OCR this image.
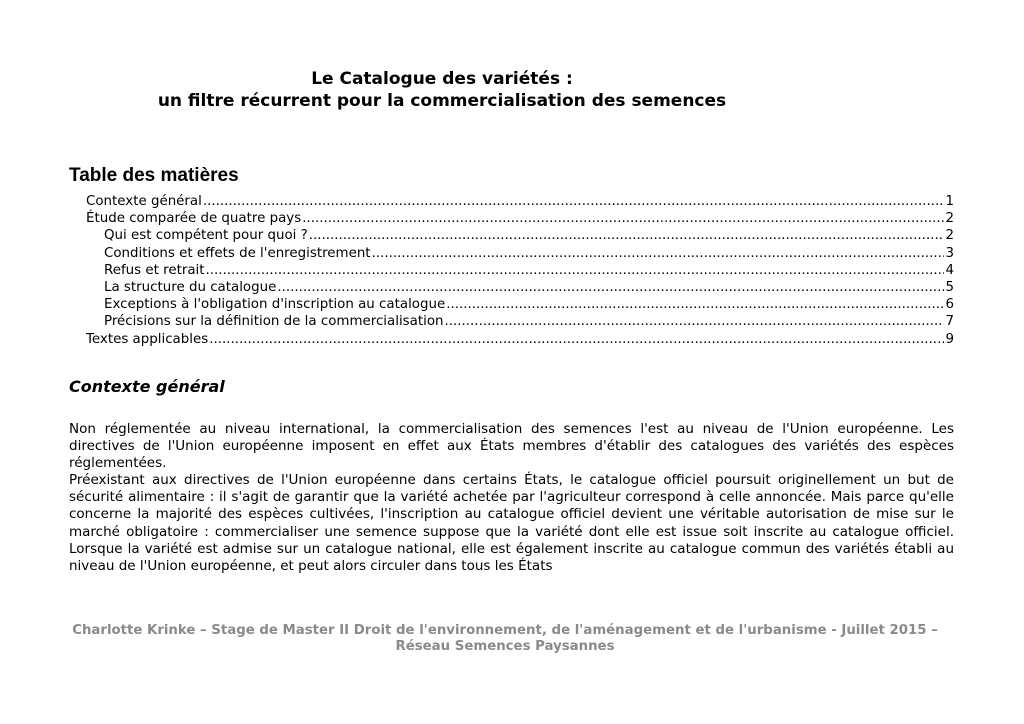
Le Catalogue des variétés :
un filtre récurrent pour la commercialisation des semences
Table des matières
Contexte général .....	1
Étude comparée de quatre pays .....	2
Qui est compétent pour quoi ? .....	2
Conditions et effets de l'enregistrement .....	3
Refus et retrait .....	4
La structure du catalogue .....	5
Exceptions à l'obligation d'inscription au catalogue .....	6
Précisions sur la définition de la commercialisation .....	7
Textes applicables .....	9
Contexte général

Non réglementée au niveau international, la commercialisation des semences l'est au niveau de l'Union européenne. Les directives de l'Union européenne imposent en effet aux États membres d'établir des catalogues des variétés des espèces réglementées.

Préexistant aux directives de l'Union européenne dans certains États, le catalogue officiel poursuit originellement un but de sécurité alimentaire : il s'agit de garantir que la variété achetée par l'agriculteur correspond à celle annoncée. Mais parce qu'elle concerne la majorité des espèces cultivées, l'inscription au catalogue officiel devient une véritable autorisation de mise sur le marché obligatoire : commercialiser une semence suppose que la variété dont elle est issue soit inscrite au catalogue officiel. Lorsque la variété est admise sur un catalogue national, elle est également inscrite au catalogue commun des variétés établi au niveau de l'Union européenne, et peut alors circuler dans tous les États

Charlotte Krinke – Stage de Master II Droit de l'environnement, de l'aménagement et de l'urbanisme - Juillet 2015 –
Réseau Semences Paysannes
